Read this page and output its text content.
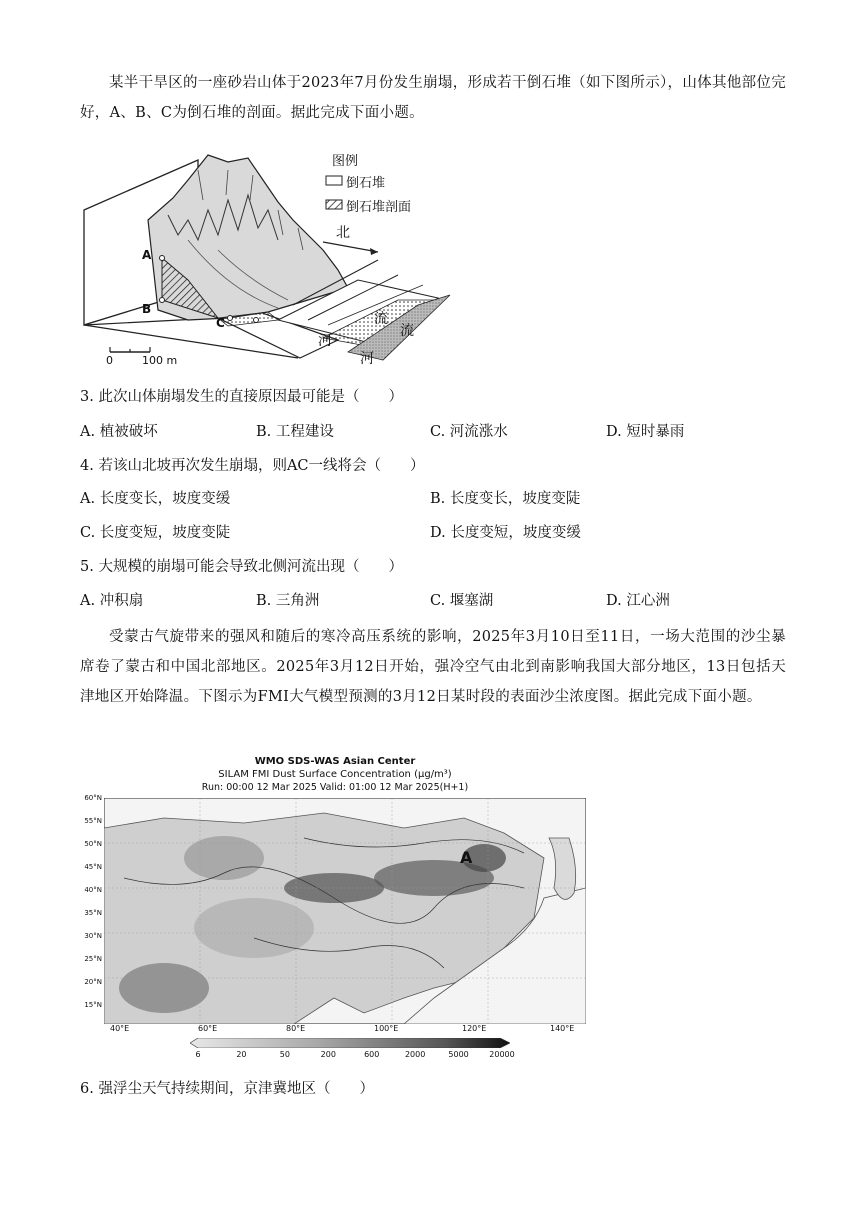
某半干旱区的一座砂岩山体于2023年7月份发生崩塌，形成若干倒石堆（如下图所示），山体其他部位完好，A、B、C为倒石堆的剖面。据此完成下面小题。

图例
倒石堆
倒石堆剖面
北
A
B
C
河
流
河
流
0	100 m

3. 此次山体崩塌发生的直接原因最可能是（　　）

A. 植被破坏	B. 工程建设	C. 河流涨水	D. 短时暴雨

4. 若该山北坡再次发生崩塌，则AC一线将会（　　）

A. 长度变长，坡度变缓	B. 长度变长，坡度变陡
C. 长度变短，坡度变陡	D. 长度变短，坡度变缓

5. 大规模的崩塌可能会导致北侧河流出现（　　）

A. 冲积扇	B. 三角洲	C. 堰塞湖	D. 江心洲

受蒙古气旋带来的强风和随后的寒冷高压系统的影响，2025年3月10日至11日，一场大范围的沙尘暴席卷了蒙古和中国北部地区。2025年3月12日开始，强冷空气由北到南影响我国大部分地区，13日包括天津地区开始降温。下图示为FMI大气模型预测的3月12日某时段的表面沙尘浓度图。据此完成下面小题。

WMO SDS-WAS Asian Center
SILAM FMI Dust Surface Concentration (μg/m³)
Run: 00:00 12 Mar 2025 Valid: 01:00 12 Mar 2025(H+1)
A
60°N
55°N
50°N
45°N
40°N
35°N
30°N
25°N
20°N
15°N
40°E	60°E	80°E	100°E	120°E	140°E
6	20	50	200	600	2000	5000	20000

6. 强浮尘天气持续期间，京津冀地区（　　）
